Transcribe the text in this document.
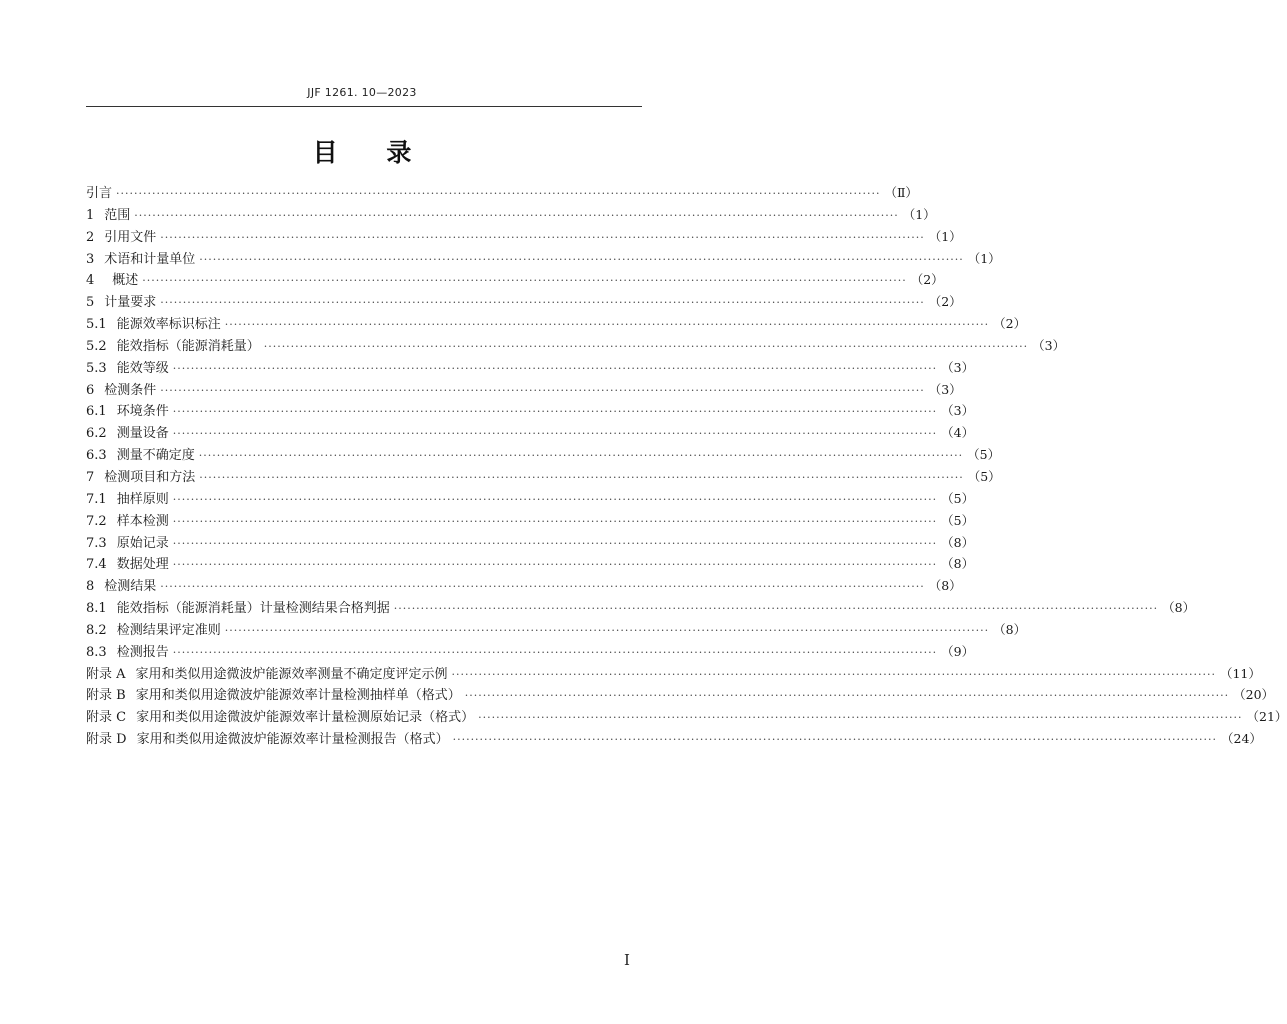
JJF 1261. 10—2023
目 录
引言 ·········································································································································································· （Ⅱ）
1 范围 ·········································································································································································· （1）
2 引用文件 ·········································································································································································· （1）
3 术语和计量单位 ·········································································································································································· （1）
4 概述 ·········································································································································································· （2）
5 计量要求 ·········································································································································································· （2）
5.1 能源效率标识标注 ·········································································································································································· （2）
5.2 能效指标（能源消耗量） ·········································································································································································· （3）
5.3 能效等级 ·········································································································································································· （3）
6 检测条件 ·········································································································································································· （3）
6.1 环境条件 ·········································································································································································· （3）
6.2 测量设备 ·········································································································································································· （4）
6.3 测量不确定度 ·········································································································································································· （5）
7 检测项目和方法 ·········································································································································································· （5）
7.1 抽样原则 ·········································································································································································· （5）
7.2 样本检测 ·········································································································································································· （5）
7.3 原始记录 ·········································································································································································· （8）
7.4 数据处理 ·········································································································································································· （8）
8 检测结果 ·········································································································································································· （8）
8.1 能效指标（能源消耗量）计量检测结果合格判据 ·········································································································································································· （8）
8.2 检测结果评定准则 ·········································································································································································· （8）
8.3 检测报告 ·········································································································································································· （9）
附录 A 家用和类似用途微波炉能源效率测量不确定度评定示例 ·········································································································································································· （11）
附录 B 家用和类似用途微波炉能源效率计量检测抽样单（格式） ·········································································································································································· （20）
附录 C 家用和类似用途微波炉能源效率计量检测原始记录（格式） ·········································································································································································· （21）
附录 D 家用和类似用途微波炉能源效率计量检测报告（格式） ·········································································································································································· （24）
I
